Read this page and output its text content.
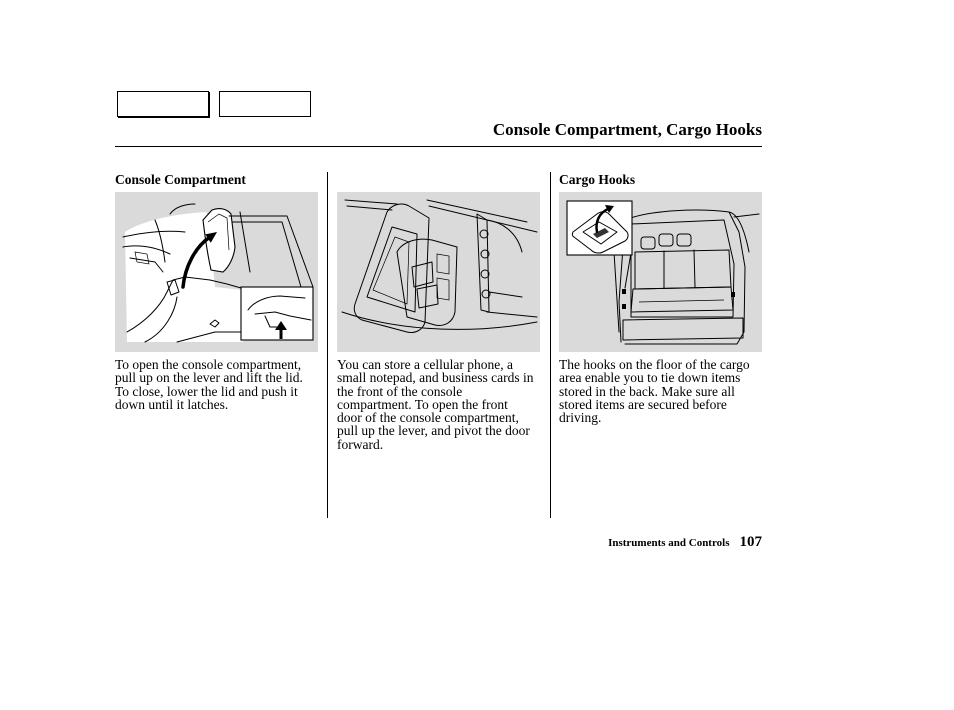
Console Compartment, Cargo Hooks
Console Compartment
To open the console compartment,
pull up on the lever and lift the lid.
To close, lower the lid and push it
down until it latches.
You can store a cellular phone, a
small notepad, and business cards in
the front of the console
compartment. To open the front
door of the console compartment,
pull up the lever, and pivot the door
forward.
Cargo Hooks
The hooks on the floor of the cargo
area enable you to tie down items
stored in the back. Make sure all
stored items are secured before
driving.
Instruments and Controls 107
